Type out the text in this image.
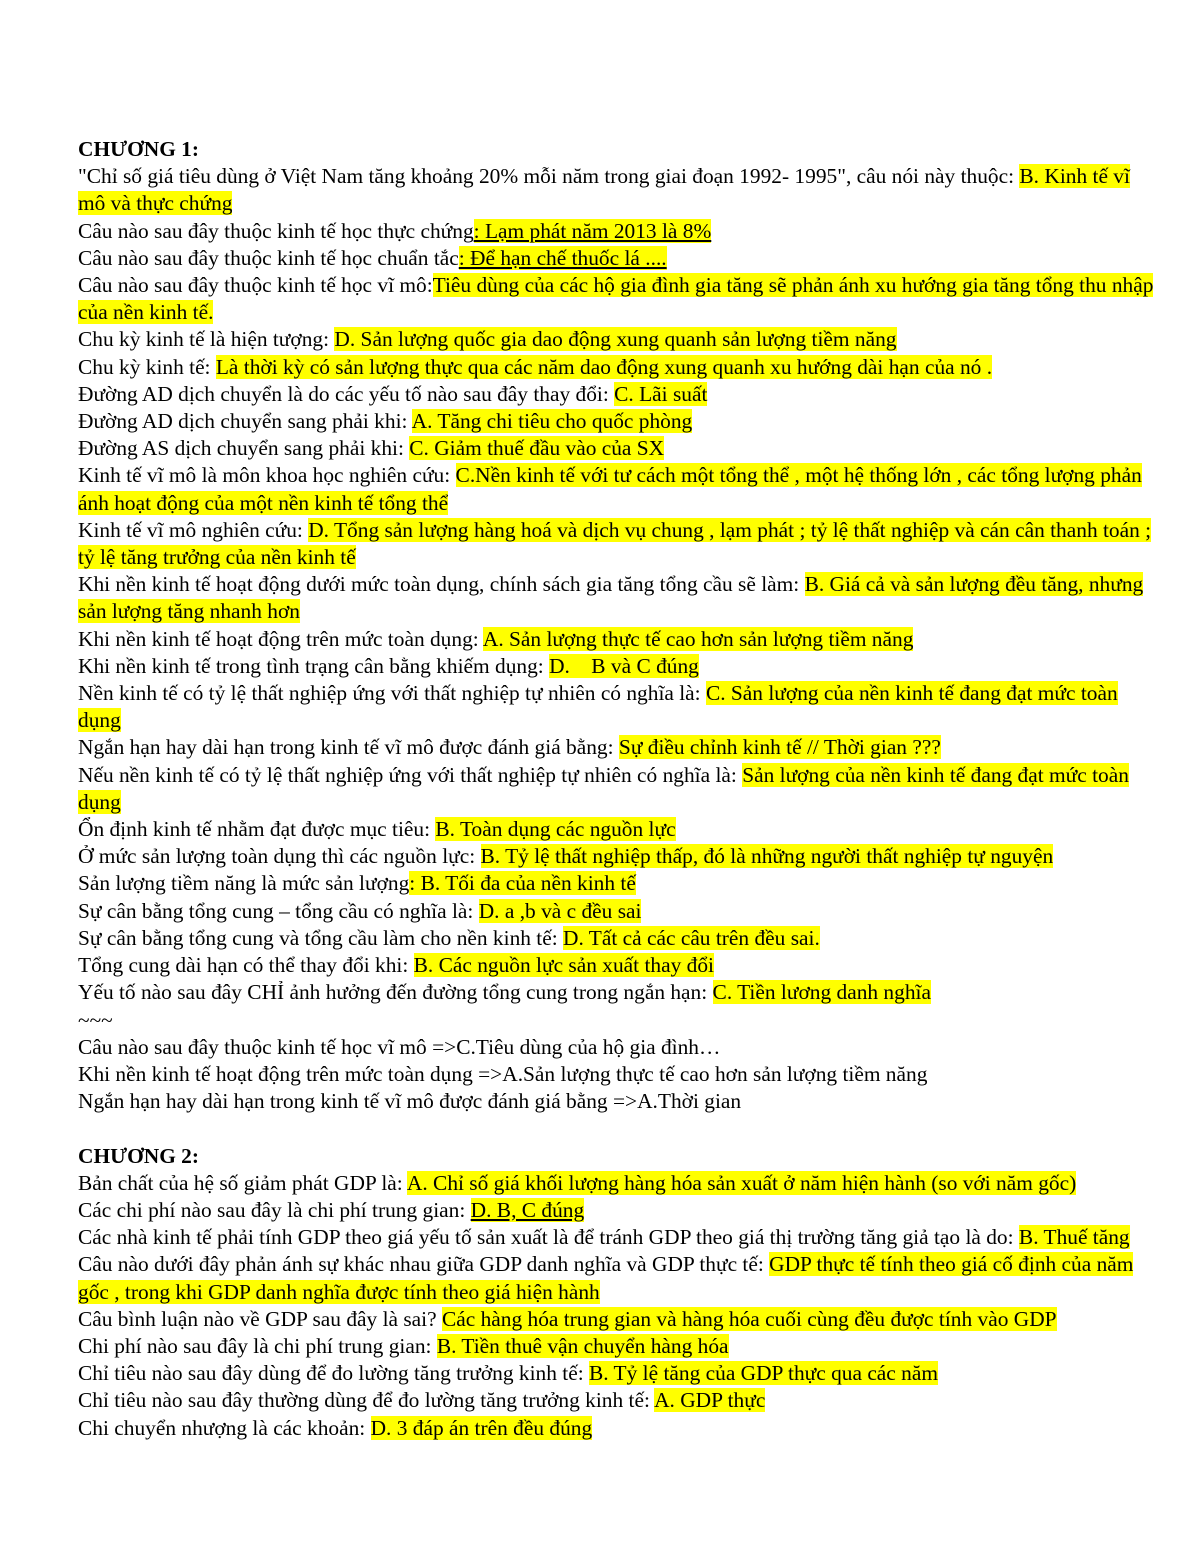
CHƯƠNG 1:
"Chỉ số giá tiêu dùng ở Việt Nam tăng khoảng 20% mỗi năm trong giai đoạn 1992- 1995", câu nói này thuộc: B. Kinh tế vĩ mô và thực chứng
Câu nào sau đây thuộc kinh tế học thực chứng: Lạm phát năm 2013 là 8%
Câu nào sau đây thuộc kinh tế học chuẩn tắc: Để hạn chế thuốc lá ....
Câu nào sau đây thuộc kinh tế học vĩ mô:Tiêu dùng của các hộ gia đình gia tăng sẽ phản ánh xu hướng gia tăng tổng thu nhập của nền kinh tế.
Chu kỳ kinh tế là hiện tượng: D. Sản lượng quốc gia dao động xung quanh sản lượng tiềm năng
Chu kỳ kinh tế: Là thời kỳ có sản lượng thực qua các năm dao động xung quanh xu hướng dài hạn của nó .
Đường AD dịch chuyển là do các yếu tố nào sau đây thay đổi: C. Lãi suất
Đường AD dịch chuyển sang phải khi: A. Tăng chi tiêu cho quốc phòng
Đường AS dịch chuyển sang phải khi: C. Giảm thuế đầu vào của SX
Kinh tế vĩ mô là môn khoa học nghiên cứu: C.Nền kinh tế với tư cách một tổng thể , một hệ thống lớn , các tổng lượng phản ánh hoạt động của một nền kinh tế tổng thể
Kinh tế vĩ mô nghiên cứu: D. Tổng sản lượng hàng hoá và dịch vụ chung , lạm phát ; tỷ lệ thất nghiệp và cán cân thanh toán ; tỷ lệ tăng trưởng của nền kinh tế
Khi nền kinh tế hoạt động dưới mức toàn dụng, chính sách gia tăng tổng cầu sẽ làm: B. Giá cả và sản lượng đều tăng, nhưng sản lượng tăng nhanh hơn
Khi nền kinh tế hoạt động trên mức toàn dụng: A. Sản lượng thực tế cao hơn sản lượng tiềm năng
Khi nền kinh tế trong tình trạng cân bằng khiếm dụng: D.    B và C đúng
Nền kinh tế có tỷ lệ thất nghiệp ứng với thất nghiệp tự nhiên có nghĩa là: C. Sản lượng của nền kinh tế đang đạt mức toàn dụng
Ngắn hạn hay dài hạn trong kinh tế vĩ mô được đánh giá bằng: Sự điều chỉnh kinh tế // Thời gian ???
Nếu nền kinh tế có tỷ lệ thất nghiệp ứng với thất nghiệp tự nhiên có nghĩa là: Sản lượng của nền kinh tế đang đạt mức toàn dụng
Ổn định kinh tế nhằm đạt được mục tiêu: B. Toàn dụng các nguồn lực
Ở mức sản lượng toàn dụng thì các nguồn lực: B. Tỷ lệ thất nghiệp thấp, đó là những người thất nghiệp tự nguyện
Sản lượng tiềm năng là mức sản lượng: B. Tối đa của nền kinh tế
Sự cân bằng tổng cung – tổng cầu có nghĩa là: D. a ,b và c đều sai
Sự cân bằng tổng cung và tổng cầu làm cho nền kinh tế: D. Tất cả các câu trên đều sai.
Tổng cung dài hạn có thể thay đổi khi: B. Các nguồn lực sản xuất thay đổi
Yếu tố nào sau đây CHỈ ảnh hưởng đến đường tổng cung trong ngắn hạn: C. Tiền lương danh nghĩa
~~~
Câu nào sau đây thuộc kinh tế học vĩ mô =>C.Tiêu dùng của hộ gia đình…
Khi nền kinh tế hoạt động trên mức toàn dụng =>A.Sản lượng thực tế cao hơn sản lượng tiềm năng
Ngắn hạn hay dài hạn trong kinh tế vĩ mô được đánh giá bằng =>A.Thời gian
CHƯƠNG 2:
Bản chất của hệ số giảm phát GDP là: A. Chỉ số giá khối lượng hàng hóa sản xuất ở năm hiện hành (so với năm gốc)
Các chi phí nào sau đây là chi phí trung gian: D. B, C đúng
Các nhà kinh tế phải tính GDP theo giá yếu tố sản xuất là để tránh GDP theo giá thị trường tăng giả tạo là do: B. Thuế tăng
Câu nào dưới đây phản ánh sự khác nhau giữa GDP danh nghĩa và GDP thực tế: GDP thực tế tính theo giá cố định của năm gốc , trong khi GDP danh nghĩa được tính theo giá hiện hành
Câu bình luận nào về GDP sau đây là sai? Các hàng hóa trung gian và hàng hóa cuối cùng đều được tính vào GDP
Chi phí nào sau đây là chi phí trung gian: B. Tiền thuê vận chuyển hàng hóa
Chỉ tiêu nào sau đây dùng để đo lường tăng trưởng kinh tế: B. Tỷ lệ tăng của GDP thực qua các năm
Chỉ tiêu nào sau đây thường dùng để đo lường tăng trưởng kinh tế: A. GDP thực
Chi chuyển nhượng là các khoản: D. 3 đáp án trên đều đúng
